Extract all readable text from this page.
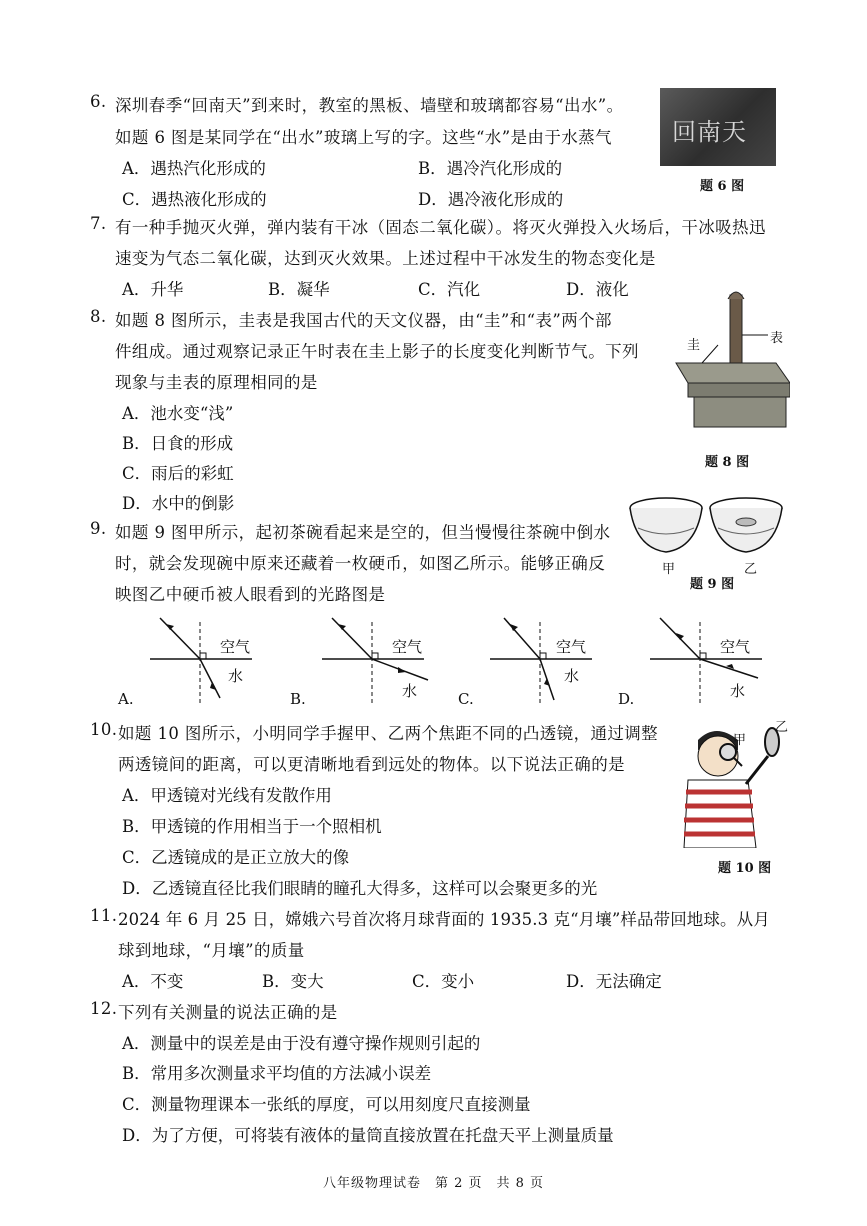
6. 深圳春季“回南天”到来时，教室的黑板、墙壁和玻璃都容易“出水”。
如题 6 图是某同学在“出水”玻璃上写的字。这些“水”是由于水蒸气
A．遇热汽化形成的	B．遇冷汽化形成的
C．遇热液化形成的	D．遇冷液化形成的
回南天
题 6 图
7. 有一种手抛灭火弹，弹内装有干冰（固态二氧化碳）。将灭火弹投入火场后，干冰吸热迅
速变为气态二氧化碳，达到灭火效果。上述过程中干冰发生的物态变化是
A．升华	B．凝华	C．汽化	D．液化
8. 如题 8 图所示，圭表是我国古代的天文仪器，由“圭”和“表”两个部
件组成。通过观察记录正午时表在圭上影子的长度变化判断节气。下列
现象与圭表的原理相同的是
A．池水变“浅”
B．日食的形成
C．雨后的彩虹
D．水中的倒影
圭	表
题 8 图
9. 如题 9 图甲所示，起初茶碗看起来是空的，但当慢慢往茶碗中倒水
时，就会发现碗中原来还藏着一枚硬币，如图乙所示。能够正确反
映图乙中硬币被人眼看到的光路图是
甲	乙
题 9 图
空气
水
A.
空气
水
B.
空气
水
C.
空气
水
D.
10. 如题 10 图所示，小明同学手握甲、乙两个焦距不同的凸透镜，通过调整
两透镜间的距离，可以更清晰地看到远处的物体。以下说法正确的是
A．甲透镜对光线有发散作用
B．甲透镜的作用相当于一个照相机
C．乙透镜成的是正立放大的像
D．乙透镜直径比我们眼睛的瞳孔大得多，这样可以会聚更多的光
甲
乙
题 10 图
11. 2024 年 6 月 25 日，嫦娥六号首次将月球背面的 1935.3 克“月壤”样品带回地球。从月
球到地球，“月壤”的质量
A．不变	B．变大	C．变小	D．无法确定
12. 下列有关测量的说法正确的是
A．测量中的误差是由于没有遵守操作规则引起的
B．常用多次测量求平均值的方法减小误差
C．测量物理课本一张纸的厚度，可以用刻度尺直接测量
D．为了方便，可将装有液体的量筒直接放置在托盘天平上测量质量
八年级物理试卷　第 2 页　共 8 页
